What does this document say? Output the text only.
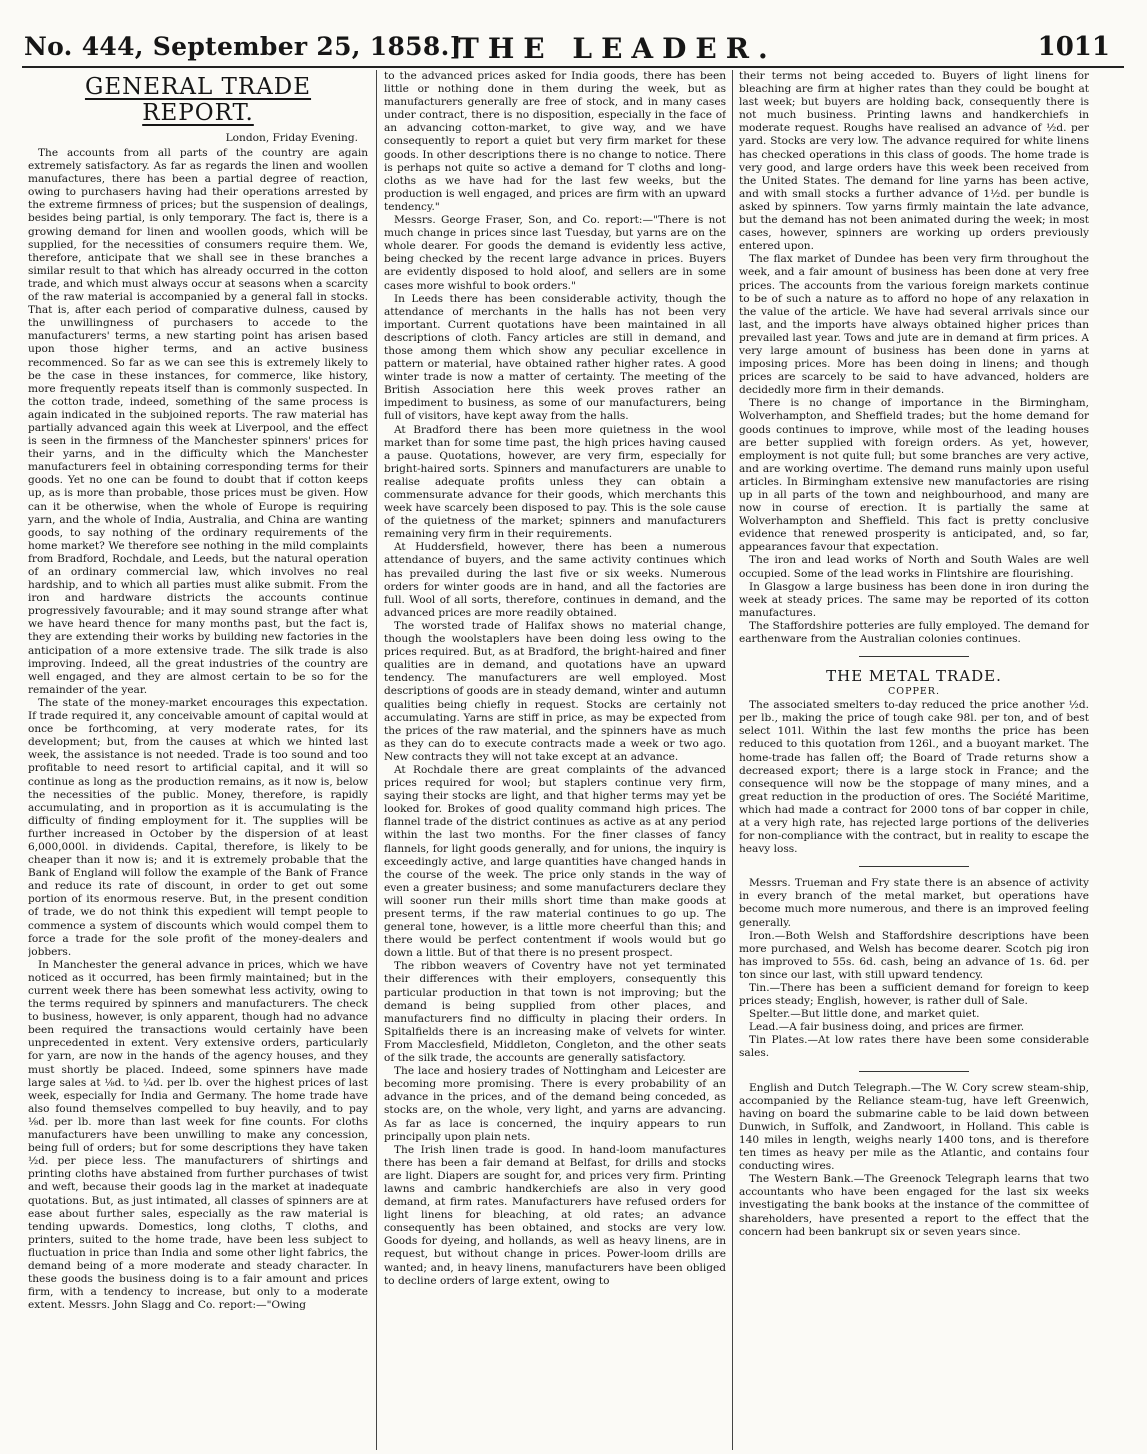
No. 444, September 25, 1858.]
THE LEADER.	1011
GENERAL TRADE REPORT.
London, Friday Evening.

The accounts from all parts of the country are again extremely satisfactory. As far as regards the linen and woollen manufactures, there has been a partial degree of reaction, owing to purchasers having had their operations arrested by the extreme firmness of prices; but the suspension of dealings, besides being partial, is only temporary. The fact is, there is a growing demand for linen and woollen goods, which will be supplied, for the necessities of consumers require them. We, therefore, anticipate that we shall see in these branches a similar result to that which has already occurred in the cotton trade, and which must always occur at seasons when a scarcity of the raw material is accompanied by a general fall in stocks. That is, after each period of comparative dulness, caused by the unwillingness of purchasers to accede to the manufacturers' terms, a new starting point has arisen based upon those higher terms, and an active business recommenced. So far as we can see this is extremely likely to be the case in these instances, for commerce, like history, more frequently repeats itself than is commonly suspected. In the cotton trade, indeed, something of the same process is again indicated in the subjoined reports. The raw material has partially advanced again this week at Liverpool, and the effect is seen in the firmness of the Manchester spinners' prices for their yarns, and in the difficulty which the Manchester manufacturers feel in obtaining corresponding terms for their goods. Yet no one can be found to doubt that if cotton keeps up, as is more than probable, those prices must be given. How can it be otherwise, when the whole of Europe is requiring yarn, and the whole of India, Australia, and China are wanting goods, to say nothing of the ordinary requirements of the home market? We therefore see nothing in the mild complaints from Bradford, Rochdale, and Leeds, but the natural operation of an ordinary commercial law, which involves no real hardship, and to which all parties must alike submit. From the iron and hardware districts the accounts continue progressively favourable; and it may sound strange after what we have heard thence for many months past, but the fact is, they are extending their works by building new factories in the anticipation of a more extensive trade. The silk trade is also improving. Indeed, all the great industries of the country are well engaged, and they are almost certain to be so for the remainder of the year.

The state of the money-market encourages this expectation. If trade required it, any conceivable amount of capital would at once be forthcoming, at very moderate rates, for its development; but, from the causes at which we hinted last week, the assistance is not needed. Trade is too sound and too profitable to need resort to artificial capital, and it will so continue as long as the production remains, as it now is, below the necessities of the public. Money, therefore, is rapidly accumulating, and in proportion as it is accumulating is the difficulty of finding employment for it. The supplies will be further increased in October by the dispersion of at least 6,000,000l. in dividends. Capital, therefore, is likely to be cheaper than it now is; and it is extremely probable that the Bank of England will follow the example of the Bank of France and reduce its rate of discount, in order to get out some portion of its enormous reserve. But, in the present condition of trade, we do not think this expedient will tempt people to commence a system of discounts which would compel them to force a trade for the sole profit of the money-dealers and jobbers.

In Manchester the general advance in prices, which we have noticed as it occurred, has been firmly maintained; but in the current week there has been somewhat less activity, owing to the terms required by spinners and manufacturers. The check to business, however, is only apparent, though had no advance been required the transactions would certainly have been unprecedented in extent. Very extensive orders, particularly for yarn, are now in the hands of the agency houses, and they must shortly be placed. Indeed, some spinners have made large sales at ⅛d. to ¼d. per lb. over the highest prices of last week, especially for India and Germany. The home trade have also found themselves compelled to buy heavily, and to pay ⅛d. per lb. more than last week for fine counts. For cloths manufacturers have been unwilling to make any concession, being full of orders; but for some descriptions they have taken ½d. per piece less. The manufacturers of shirtings and printing cloths have abstained from further purchases of twist and weft, because their goods lag in the market at inadequate quotations. But, as just intimated, all classes of spinners are at ease about further sales, especially as the raw material is tending upwards. Domestics, long cloths, T cloths, and printers, suited to the home trade, have been less subject to fluctuation in price than India and some other light fabrics, the demand being of a more moderate and steady character. In these goods the business doing is to a fair amount and prices firm, with a tendency to increase, but only to a moderate extent. Messrs. John Slagg and Co. report:—"Owing

to the advanced prices asked for India goods, there has been little or nothing done in them during the week, but as manufacturers generally are free of stock, and in many cases under contract, there is no disposition, especially in the face of an advancing cotton-market, to give way, and we have consequently to report a quiet but very firm market for these goods. In other descriptions there is no change to notice. There is perhaps not quite so active a demand for T cloths and long-cloths as we have had for the last few weeks, but the production is well engaged, and prices are firm with an upward tendency."

Messrs. George Fraser, Son, and Co. report:—"There is not much change in prices since last Tuesday, but yarns are on the whole dearer. For goods the demand is evidently less active, being checked by the recent large advance in prices. Buyers are evidently disposed to hold aloof, and sellers are in some cases more wishful to book orders."

In Leeds there has been considerable activity, though the attendance of merchants in the halls has not been very important. Current quotations have been maintained in all descriptions of cloth. Fancy articles are still in demand, and those among them which show any peculiar excellence in pattern or material, have obtained rather higher rates. A good winter trade is now a matter of certainty. The meeting of the British Association here this week proves rather an impediment to business, as some of our manufacturers, being full of visitors, have kept away from the halls.

At Bradford there has been more quietness in the wool market than for some time past, the high prices having caused a pause. Quotations, however, are very firm, especially for bright-haired sorts. Spinners and manufacturers are unable to realise adequate profits unless they can obtain a commensurate advance for their goods, which merchants this week have scarcely been disposed to pay. This is the sole cause of the quietness of the market; spinners and manufacturers remaining very firm in their requirements.

At Huddersfield, however, there has been a numerous attendance of buyers, and the same activity continues which has prevailed during the last five or six weeks. Numerous orders for winter goods are in hand, and all the factories are full. Wool of all sorts, therefore, continues in demand, and the advanced prices are more readily obtained.

The worsted trade of Halifax shows no material change, though the woolstaplers have been doing less owing to the prices required. But, as at Bradford, the bright-haired and finer qualities are in demand, and quotations have an upward tendency. The manufacturers are well employed. Most descriptions of goods are in steady demand, winter and autumn qualities being chiefly in request. Stocks are certainly not accumulating. Yarns are stiff in price, as may be expected from the prices of the raw material, and the spinners have as much as they can do to execute contracts made a week or two ago. New contracts they will not take except at an advance.

At Rochdale there are great complaints of the advanced prices required for wool; but staplers continue very firm, saying their stocks are light, and that higher terms may yet be looked for. Brokes of good quality command high prices. The flannel trade of the district continues as active as at any period within the last two months. For the finer classes of fancy flannels, for light goods generally, and for unions, the inquiry is exceedingly active, and large quantities have changed hands in the course of the week. The price only stands in the way of even a greater business; and some manufacturers declare they will sooner run their mills short time than make goods at present terms, if the raw material continues to go up. The general tone, however, is a little more cheerful than this; and there would be perfect contentment if wools would but go down a little. But of that there is no present prospect.

The ribbon weavers of Coventry have not yet terminated their differences with their employers, consequently this particular production in that town is not improving; but the demand is being supplied from other places, and manufacturers find no difficulty in placing their orders. In Spitalfields there is an increasing make of velvets for winter. From Macclesfield, Middleton, Congleton, and the other seats of the silk trade, the accounts are generally satisfactory.

The lace and hosiery trades of Nottingham and Leicester are becoming more promising. There is every probability of an advance in the prices, and of the demand being conceded, as stocks are, on the whole, very light, and yarns are advancing. As far as lace is concerned, the inquiry appears to run principally upon plain nets.

The Irish linen trade is good. In hand-loom manufactures there has been a fair demand at Belfast, for drills and stocks are light. Diapers are sought for, and prices very firm. Printing lawns and cambric handkerchiefs are also in very good demand, at firm rates. Manufacturers have refused orders for light linens for bleaching, at old rates; an advance consequently has been obtained, and stocks are very low. Goods for dyeing, and hollands, as well as heavy linens, are in request, but without change in prices. Power-loom drills are wanted; and, in heavy linens, manufacturers have been obliged to decline orders of large extent, owing to

their terms not being acceded to. Buyers of light linens for bleaching are firm at higher rates than they could be bought at last week; but buyers are holding back, consequently there is not much business. Printing lawns and handkerchiefs in moderate request. Roughs have realised an advance of ½d. per yard. Stocks are very low. The advance required for white linens has checked operations in this class of goods. The home trade is very good, and large orders have this week been received from the United States. The demand for line yarns has been active, and with small stocks a further advance of 1½d. per bundle is asked by spinners. Tow yarns firmly maintain the late advance, but the demand has not been animated during the week; in most cases, however, spinners are working up orders previously entered upon.

The flax market of Dundee has been very firm throughout the week, and a fair amount of business has been done at very free prices. The accounts from the various foreign markets continue to be of such a nature as to afford no hope of any relaxation in the value of the article. We have had several arrivals since our last, and the imports have always obtained higher prices than prevailed last year. Tows and jute are in demand at firm prices. A very large amount of business has been done in yarns at imposing prices. More has been doing in linens; and though prices are scarcely to be said to have advanced, holders are decidedly more firm in their demands.

There is no change of importance in the Birmingham, Wolverhampton, and Sheffield trades; but the home demand for goods continues to improve, while most of the leading houses are better supplied with foreign orders. As yet, however, employment is not quite full; but some branches are very active, and are working overtime. The demand runs mainly upon useful articles. In Birmingham extensive new manufactories are rising up in all parts of the town and neighbourhood, and many are now in course of erection. It is partially the same at Wolverhampton and Sheffield. This fact is pretty conclusive evidence that renewed prosperity is anticipated, and, so far, appearances favour that expectation.

The iron and lead works of North and South Wales are well occupied. Some of the lead works in Flintshire are flourishing.

In Glasgow a large business has been done in iron during the week at steady prices. The same may be reported of its cotton manufactures.

The Staffordshire potteries are fully employed. The demand for earthenware from the Australian colonies continues.

THE METAL TRADE.
COPPER.

The associated smelters to-day reduced the price another ½d. per lb., making the price of tough cake 98l. per ton, and of best select 101l. Within the last few months the price has been reduced to this quotation from 126l., and a buoyant market. The home-trade has fallen off; the Board of Trade returns show a decreased export; there is a large stock in France; and the consequence will now be the stoppage of many mines, and a great reduction in the production of ores. The Société Maritime, which had made a contract for 2000 tons of bar copper in chile, at a very high rate, has rejected large portions of the deliveries for non-compliance with the contract, but in reality to escape the heavy loss.

Messrs. Trueman and Fry state there is an absence of activity in every branch of the metal market, but operations have become much more numerous, and there is an improved feeling generally.

Iron.—Both Welsh and Staffordshire descriptions have been more purchased, and Welsh has become dearer. Scotch pig iron has improved to 55s. 6d. cash, being an advance of 1s. 6d. per ton since our last, with still upward tendency.

Tin.—There has been a sufficient demand for foreign to keep prices steady; English, however, is rather dull of Sale.

Spelter.—But little done, and market quiet.

Lead.—A fair business doing, and prices are firmer.

Tin Plates.—At low rates there have been some considerable sales.

English and Dutch Telegraph.—The W. Cory screw steam-ship, accompanied by the Reliance steam-tug, have left Greenwich, having on board the submarine cable to be laid down between Dunwich, in Suffolk, and Zandwoort, in Holland. This cable is 140 miles in length, weighs nearly 1400 tons, and is therefore ten times as heavy per mile as the Atlantic, and contains four conducting wires.

The Western Bank.—The Greenock Telegraph learns that two accountants who have been engaged for the last six weeks investigating the bank books at the instance of the committee of shareholders, have presented a report to the effect that the concern had been bankrupt six or seven years since.
